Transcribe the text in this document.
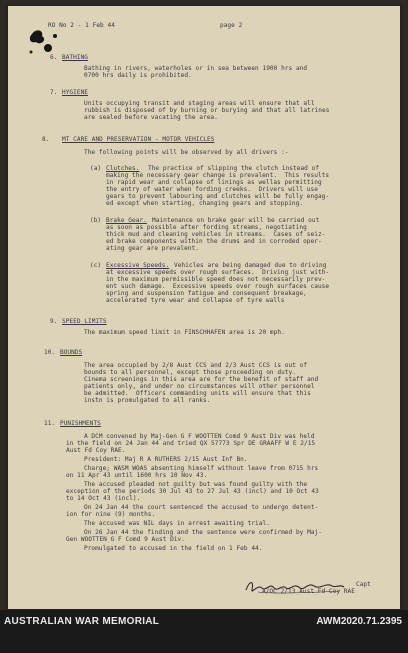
RO No 2 - 1 Feb 44	page 2
6. BATHING
Bathing in rivers, waterholes or in sea between 1900 hrs and
0700 hrs daily is prohibited.
7. HYGIENE
Units occupying transit and staging areas will ensure that all
rubbish is disposed of by burning or burying and that all latrines
are sealed before vacating the area.
8. MT CARE AND PRESERVATION - MOTOR VEHICLES
The following points will be observed by all drivers :-
(a) Clutches. The practice of slipping the clutch instead of
making the necessary gear change is prevalent.  This results
in rapid wear and collapse of linings as wellas permitting
the entry of water when fording creeks.  Drivers will use
gears to prevent labouring and clutches will be fully engag-
ed except when starting, changing gears and stopping.
(b) Brake Gear. Maintenance on brake gear will be carried out
as soon as possible after fording streams, negotiating
thick mud and cleaning vehicles in streams.  Cases of seiz-
ed brake components within the drums and in corroded oper-
ating gear are prevalent.
(c) Excessive Speeds. Vehicles are being damaged due to driving
at excessive speeds over rough surfaces.  Driving just with-
in the maximum permissible speed does not necessarily prev-
ent such damage.  Excessive speeds over rough surfaces cause
spring and suspension fatigue and consequent breakage,
accelerated tyre wear and collapse of tyre walls
9. SPEED LIMITS
The maximum speed limit in FINSCHHAFEN area is 20 mph.
10. BOUNDS
The area occupied by 2/8 Aust CCS and 2/3 Aust CCS is out of
bounds to all personnel, except those proceeding on duty.
Cinema screenings in this area are for the benefit of staff and
patients only, and under no circumstances will other personnel
be admitted.  Officers commanding units will ensure that this
instn is promulgated to all ranks.
11. PUNISHMENTS
A DCM convened by Maj-Gen G F WOOTTEN Comd 9 Aust Div was held
in the field on 24 Jan 44 and tried QX 57773 Spr DE GRAAFF W E 2/15
Aust Fd Coy RAE.
President: Maj R A RUTHERS 2/15 Aust Inf Bn.
Charge; WASM WOAS absenting himself without leave from 0715 hrs
on 11 Apr 43 until 1600 hrs 10 Nov 43.
The accused pleaded not guilty but was found guilty with the
exception of the periods 30 Jul 43 to 27 Jul 43 (incl) and 10 Oct 43
to 14 Oct 43 (incl).
On 24 Jan 44 the court sentenced the accused to undergo detent-
ion for nine (9) months.
The accused was NIL days in arrest awaiting trial.
On 26 Jan 44 the finding and the sentence were confirmed by Maj-
Gen WOOTTEN G F Comd 9 Aust Div.
Promulgated to accused in the field on 1 Feb 44.
Capt
A/OC 2/13 Aust Fd Coy RAE
AUSTRALIAN WAR MEMORIAL	AWM2020.71.2395
